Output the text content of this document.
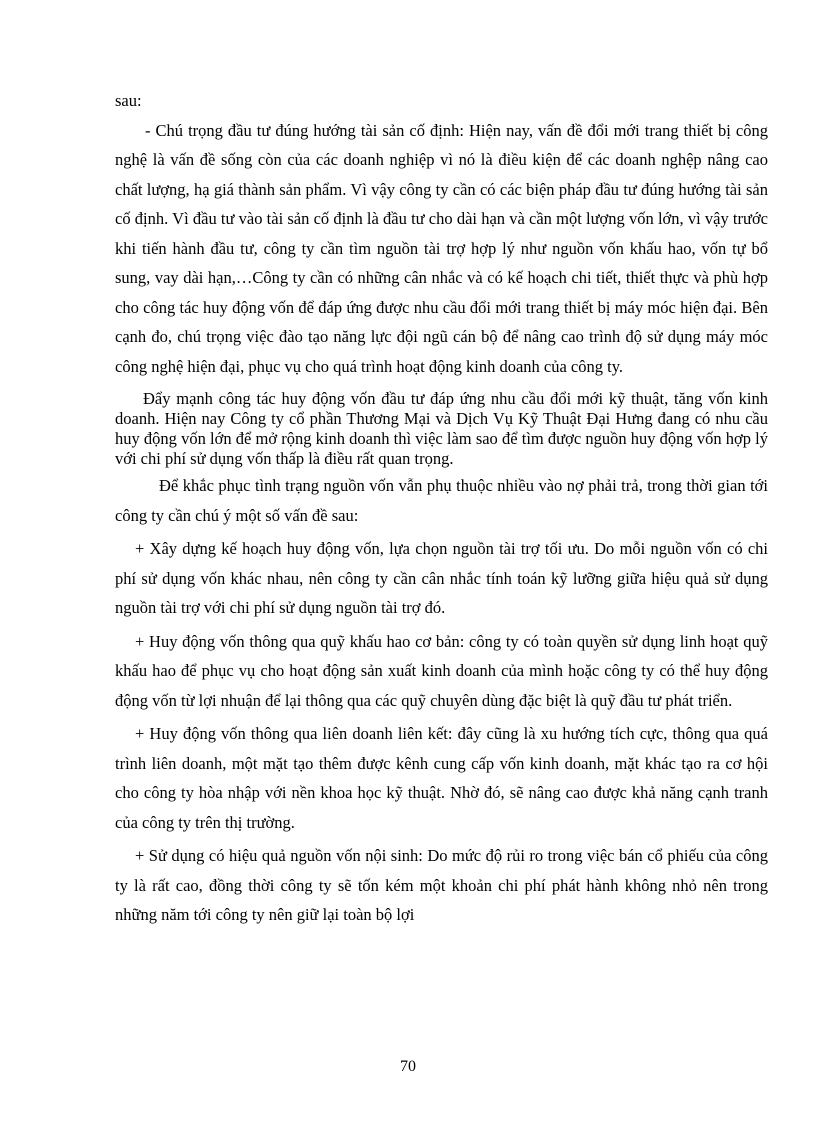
sau:

- Chú trọng đầu tư đúng hướng tài sản cố định: Hiện nay, vấn đề đổi mới trang thiết bị công nghệ là vấn đề sống còn của các doanh nghiệp vì nó là điều kiện để các doanh nghệp nâng cao chất lượng, hạ giá thành sản phẩm. Vì vậy công ty cần có các biện pháp đầu tư đúng hướng tài sản cố định. Vì đầu tư vào tài sản cố định là đầu tư cho dài hạn và cần một lượng vốn lớn, vì vậy trước khi tiến hành đầu tư, công ty cần tìm nguồn tài trợ hợp lý như nguồn vốn khấu hao, vốn tự bổ sung, vay dài hạn,…Công ty cần có những cân nhắc và có kế hoạch chi tiết, thiết thực và phù hợp cho công tác huy động vốn để đáp ứng được nhu cầu đổi mới trang thiết bị máy móc hiện đại. Bên cạnh đo, chú trọng việc đào tạo năng lực đội ngũ cán bộ để nâng cao trình độ sử dụng máy móc công nghệ hiện đại, phục vụ cho quá trình hoạt động kinh doanh của công ty.

Đẩy mạnh công tác huy động vốn đầu tư đáp ứng nhu cầu đổi mới kỹ thuật, tăng vốn kinh doanh. Hiện nay Công ty cổ phần Thương Mại và Dịch Vụ Kỹ Thuật Đại Hưng đang có nhu cầu huy động vốn lớn để mở rộng kinh doanh thì việc làm sao để tìm được nguồn huy động vốn hợp lý với chi phí sử dụng vốn thấp là điều rất quan trọng.

Để khắc phục tình trạng nguồn vốn vẫn phụ thuộc nhiều vào nợ phải trả, trong thời gian tới công ty cần chú ý một số vấn đề sau:

+ Xây dựng kế hoạch huy động vốn, lựa chọn nguồn tài trợ tối ưu. Do mỗi nguồn vốn có chi phí sử dụng vốn khác nhau, nên công ty cần cân nhắc tính toán kỹ lưỡng giữa hiệu quả sử dụng nguồn tài trợ với chi phí sử dụng nguồn tài trợ đó.

+ Huy động vốn thông qua quỹ khấu hao cơ bản: công ty có toàn quyền sử dụng linh hoạt quỹ khấu hao để phục vụ cho hoạt động sản xuất kinh doanh của mình hoặc công ty có thể huy động động vốn từ lợi nhuận để lại thông qua các quỹ chuyên dùng đặc biệt là quỹ đầu tư phát triển.

+ Huy động vốn thông qua liên doanh liên kết: đây cũng là xu hướng tích cực, thông qua quá trình liên doanh, một mặt tạo thêm được kênh cung cấp vốn kinh doanh, mặt khác tạo ra cơ hội cho công ty hòa nhập với nền khoa học kỹ thuật. Nhờ đó, sẽ nâng cao được khả năng cạnh tranh của công ty trên thị trường.

+ Sử dụng có hiệu quả nguồn vốn nội sinh: Do mức độ rủi ro trong việc bán cổ phiếu của công ty là rất cao, đồng thời công ty sẽ tốn kém một khoản chi phí phát hành không nhỏ nên trong những năm tới công ty nên giữ lại toàn bộ lợi

70
